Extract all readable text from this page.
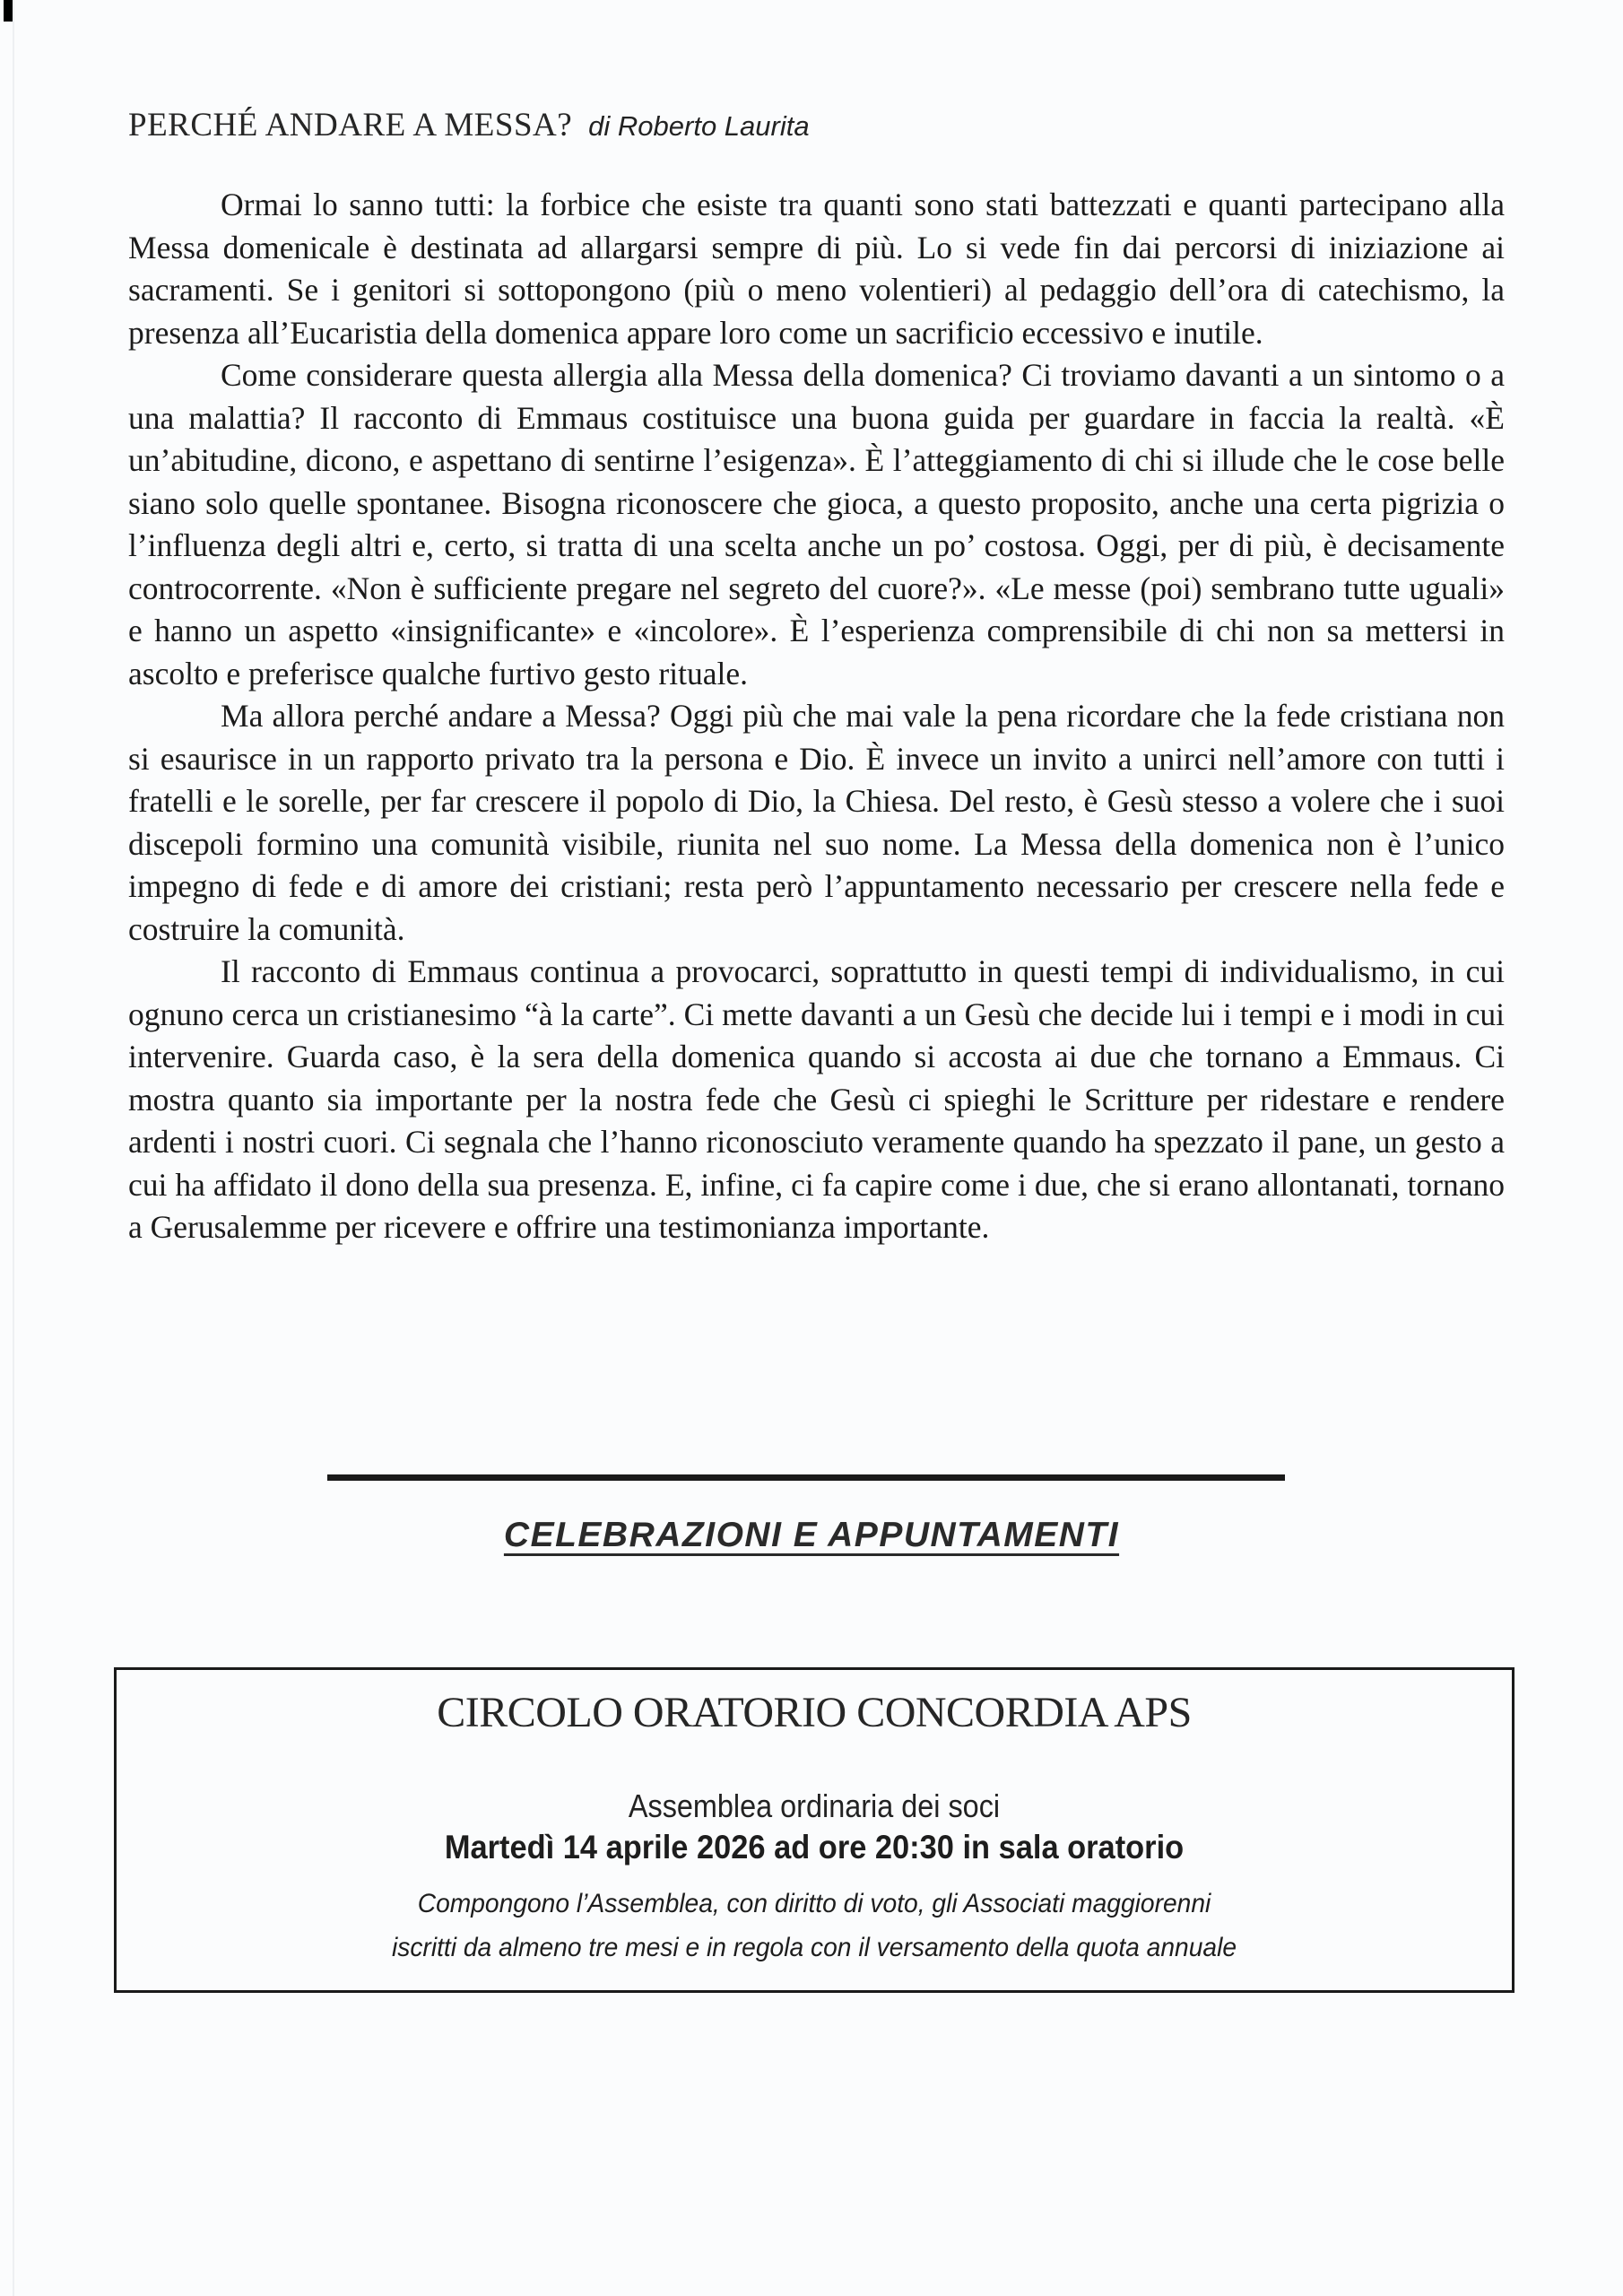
PERCHÉ ANDARE A MESSA? di Roberto Laurita

Ormai lo sanno tutti: la forbice che esiste tra quanti sono stati battezzati e quanti partecipano alla Messa domenicale è destinata ad allargarsi sempre di più. Lo si vede fin dai percorsi di iniziazione ai sacramenti. Se i genitori si sottopongono (più o meno volentieri) al pedaggio dell’ora di catechismo, la presenza all’Eucaristia della domenica appare loro come un sacrificio eccessivo e inutile.

Come considerare questa allergia alla Messa della domenica? Ci troviamo davanti a un sintomo o a una malattia? Il racconto di Emmaus costituisce una buona guida per guardare in faccia la realtà. «È un’abitudine, dicono, e aspettano di sentirne l’esigenza». È l’atteggiamento di chi si illude che le cose belle siano solo quelle spontanee. Bisogna riconoscere che gioca, a questo proposito, anche una certa pigrizia o l’influenza degli altri e, certo, si tratta di una scelta anche un po’ costosa. Oggi, per di più, è decisamente controcorrente. «Non è sufficiente pregare nel segreto del cuore?». «Le messe (poi) sembrano tutte uguali» e hanno un aspetto «insignificante» e «incolore». È l’esperienza comprensibile di chi non sa mettersi in ascolto e preferisce qualche furtivo gesto rituale.

Ma allora perché andare a Messa? Oggi più che mai vale la pena ricordare che la fede cristiana non si esaurisce in un rapporto privato tra la persona e Dio. È invece un invito a unirci nell’amore con tutti i fratelli e le sorelle, per far crescere il popolo di Dio, la Chiesa. Del resto, è Gesù stesso a volere che i suoi discepoli formino una comunità visibile, riunita nel suo nome. La Messa della domenica non è l’unico impegno di fede e di amore dei cristiani; resta però l’appuntamento necessario per crescere nella fede e costruire la comunità.

Il racconto di Emmaus continua a provocarci, soprattutto in questi tempi di individualismo, in cui ognuno cerca un cristianesimo “à la carte”. Ci mette davanti a un Gesù che decide lui i tempi e i modi in cui intervenire. Guarda caso, è la sera della domenica quando si accosta ai due che tornano a Emmaus. Ci mostra quanto sia importante per la nostra fede che Gesù ci spieghi le Scritture per ridestare e rendere ardenti i nostri cuori. Ci segnala che l’hanno riconosciuto veramente quando ha spezzato il pane, un gesto a cui ha affidato il dono della sua presenza. E, infine, ci fa capire come i due, che si erano allontanati, tornano a Gerusalemme per ricevere e offrire una testimonianza importante.

CELEBRAZIONI E APPUNTAMENTI
CIRCOLO ORATORIO CONCORDIA APS
Assemblea ordinaria dei soci
Martedì 14 aprile 2026 ad ore 20:30 in sala oratorio
Compongono l’Assemblea, con diritto di voto, gli Associati maggiorenni
iscritti da almeno tre mesi e in regola con il versamento della quota annuale
